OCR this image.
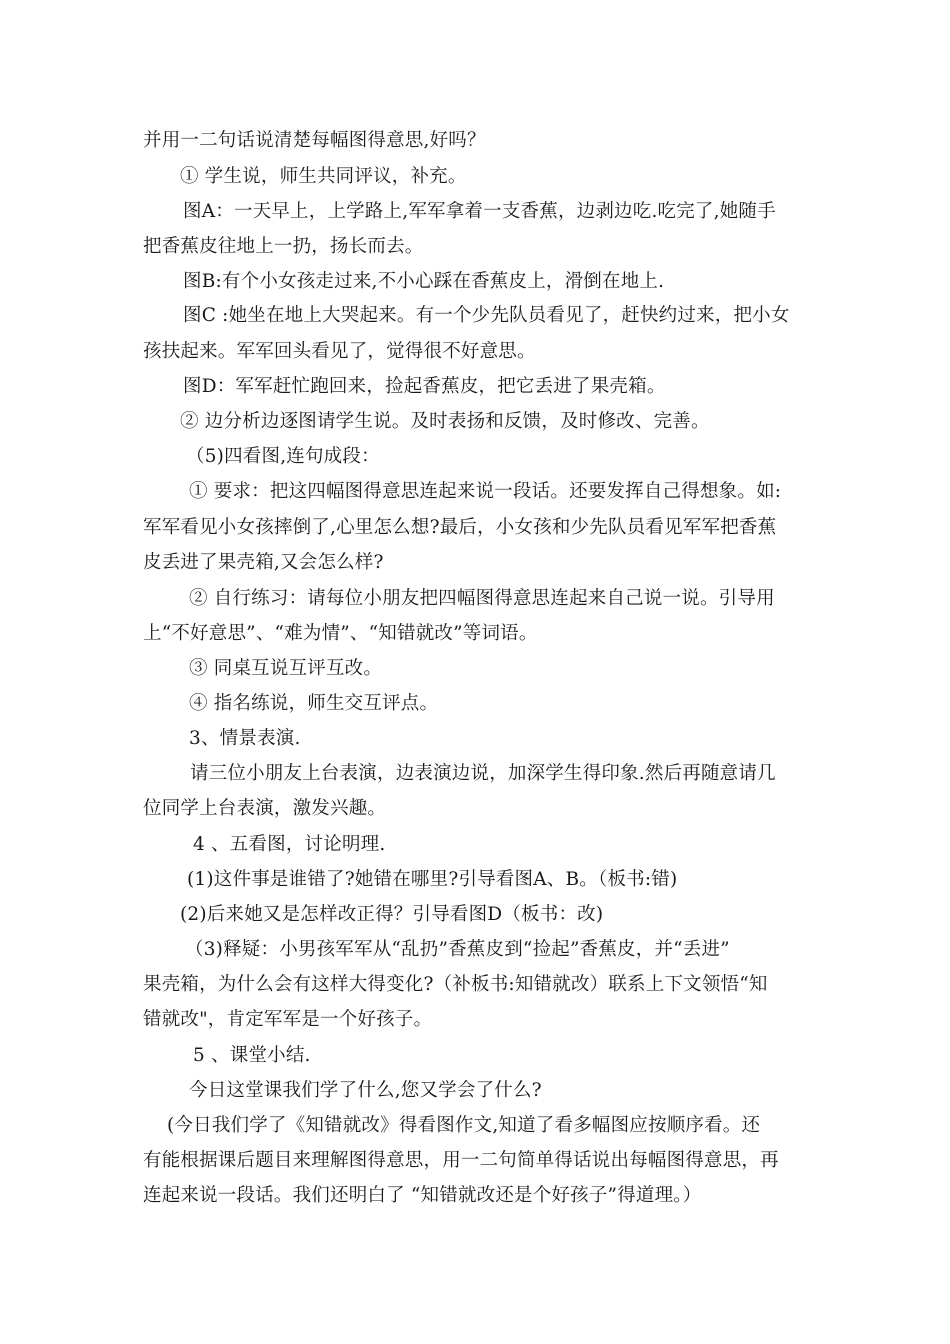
并用一二句话说清楚每幅图得意思,好吗？
① 学生说，师生共同评议，补充。
图A：一天早上，上学路上,军军拿着一支香蕉，边剥边吃.吃完了,她随手
把香蕉皮往地上一扔，扬长而去。
图B:有个小女孩走过来,不小心踩在香蕉皮上，滑倒在地上.
图C :她坐在地上大哭起来。有一个少先队员看见了，赶快约过来，把小女
孩扶起来。军军回头看见了，觉得很不好意思。
图D：军军赶忙跑回来，捡起香蕉皮，把它丢进了果壳箱。
② 边分析边逐图请学生说。及时表扬和反馈，及时修改、完善。
（5)四看图,连句成段：
① 要求：把这四幅图得意思连起来说一段话。还要发挥自己得想象。如:
军军看见小女孩摔倒了,心里怎么想?最后，小女孩和少先队员看见军军把香蕉
皮丢进了果壳箱,又会怎么样?
② 自行练习：请每位小朋友把四幅图得意思连起来自己说一说。引导用
上“不好意思”、“难为情”、“知错就改”等词语。
③ 同桌互说互评互改。
④ 指名练说，师生交互评点。
3、情景表演.
请三位小朋友上台表演，边表演边说，加深学生得印象.然后再随意请几
位同学上台表演，激发兴趣。
4 、五看图，讨论明理.
(1)这件事是谁错了?她错在哪里?引导看图A、B。（板书:错)
(2)后来她又是怎样改正得？引导看图D（板书：改)
（3)释疑：小男孩军军从“乱扔”香蕉皮到“捡起”香蕉皮，并“丢进”
果壳箱，为什么会有这样大得变化?（补板书:知错就改）联系上下文领悟“知
错就改"，肯定军军是一个好孩子。
5 、课堂小结.
今日这堂课我们学了什么,您又学会了什么?
(今日我们学了《知错就改》得看图作文,知道了看多幅图应按顺序看。还
有能根据课后题目来理解图得意思，用一二句简单得话说出每幅图得意思，再
连起来说一段话。我们还明白了 “知错就改还是个好孩子”得道理。）
